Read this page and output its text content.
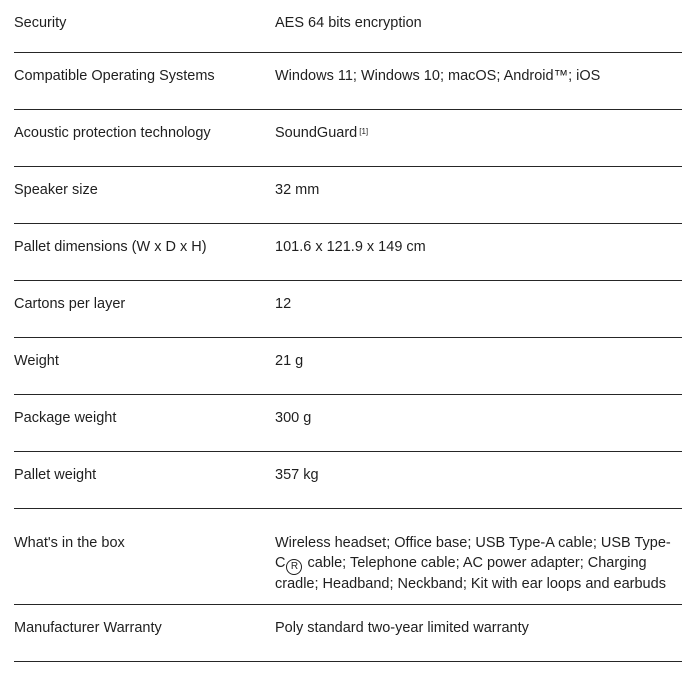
Security	AES 64 bits encryption
Compatible Operating Systems	Windows 11; Windows 10; macOS; Android™; iOS
Acoustic protection technology	SoundGuard [1]
Speaker size	32 mm
Pallet dimensions (W x D x H)	101.6 x 121.9 x 149 cm
Cartons per layer	12
Weight	21 g
Package weight	300 g
Pallet weight	357 kg
What's in the box	Wireless headset; Office base; USB Type-A cable; USB Type-C R cable; Telephone cable; AC power adapter; Charging cradle; Headband; Neckband; Kit with ear loops and earbuds
Manufacturer Warranty	Poly standard two-year limited warranty
